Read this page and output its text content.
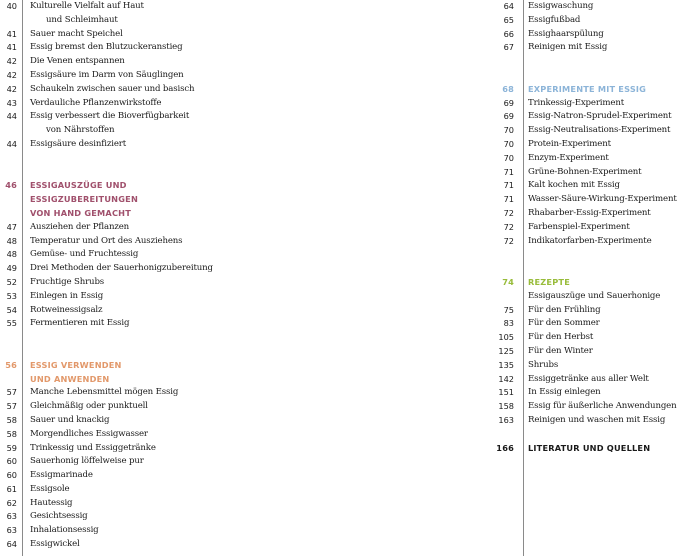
40 Kulturelle Vielfalt auf Haut
und Schleimhaut
41 Sauer macht Speichel
41 Essig bremst den Blutzuckeranstieg
42 Die Venen entspannen
42 Essigsäure im Darm von Säuglingen
42 Schaukeln zwischen sauer und basisch
43 Verdauliche Pflanzenwirkstoffe
44 Essig verbessert die Bioverfügbarkeit
von Nährstoffen
44 Essigsäure desinfiziert
46 ESSIGAUSZÜGE UND
ESSIGZUBEREITUNGEN
VON HAND GEMACHT
47 Ausziehen der Pflanzen
48 Temperatur und Ort des Ausziehens
48 Gemüse- und Fruchtessig
49 Drei Methoden der Sauerhonigzubereitung
52 Fruchtige Shrubs
53 Einlegen in Essig
54 Rotweinessigsalz
55 Fermentieren mit Essig
56 ESSIG VERWENDEN
UND ANWENDEN
57 Manche Lebensmittel mögen Essig
57 Gleichmäßig oder punktuell
58 Sauer und knackig
58 Morgendliches Essigwasser
59 Trinkessig und Essiggetränke
60 Sauerhonig löffelweise pur
60 Essigmarinade
61 Essigsole
62 Hautessig
63 Gesichtsessig
63 Inhalationsessig
64 Essigwickel
64 Essigwaschung
65 Essigfußbad
66 Essighaarspülung
67 Reinigen mit Essig
68 EXPERIMENTE MIT ESSIG
69 Trinkessig-Experiment
69 Essig-Natron-Sprudel-Experiment
70 Essig-Neutralisations-Experiment
70 Protein-Experiment
70 Enzym-Experiment
71 Grüne-Bohnen-Experiment
71 Kalt kochen mit Essig
71 Wasser-Säure-Wirkung-Experiment
72 Rhabarber-Essig-Experiment
72 Farbenspiel-Experiment
72 Indikatorfarben-Experimente
74 REZEPTE
Essigauszüge und Sauerhonige
75 Für den Frühling
83 Für den Sommer
105 Für den Herbst
125 Für den Winter
135 Shrubs
142 Essiggetränke aus aller Welt
151 In Essig einlegen
158 Essig für äußerliche Anwendungen
163 Reinigen und waschen mit Essig
166 LITERATUR UND QUELLEN
